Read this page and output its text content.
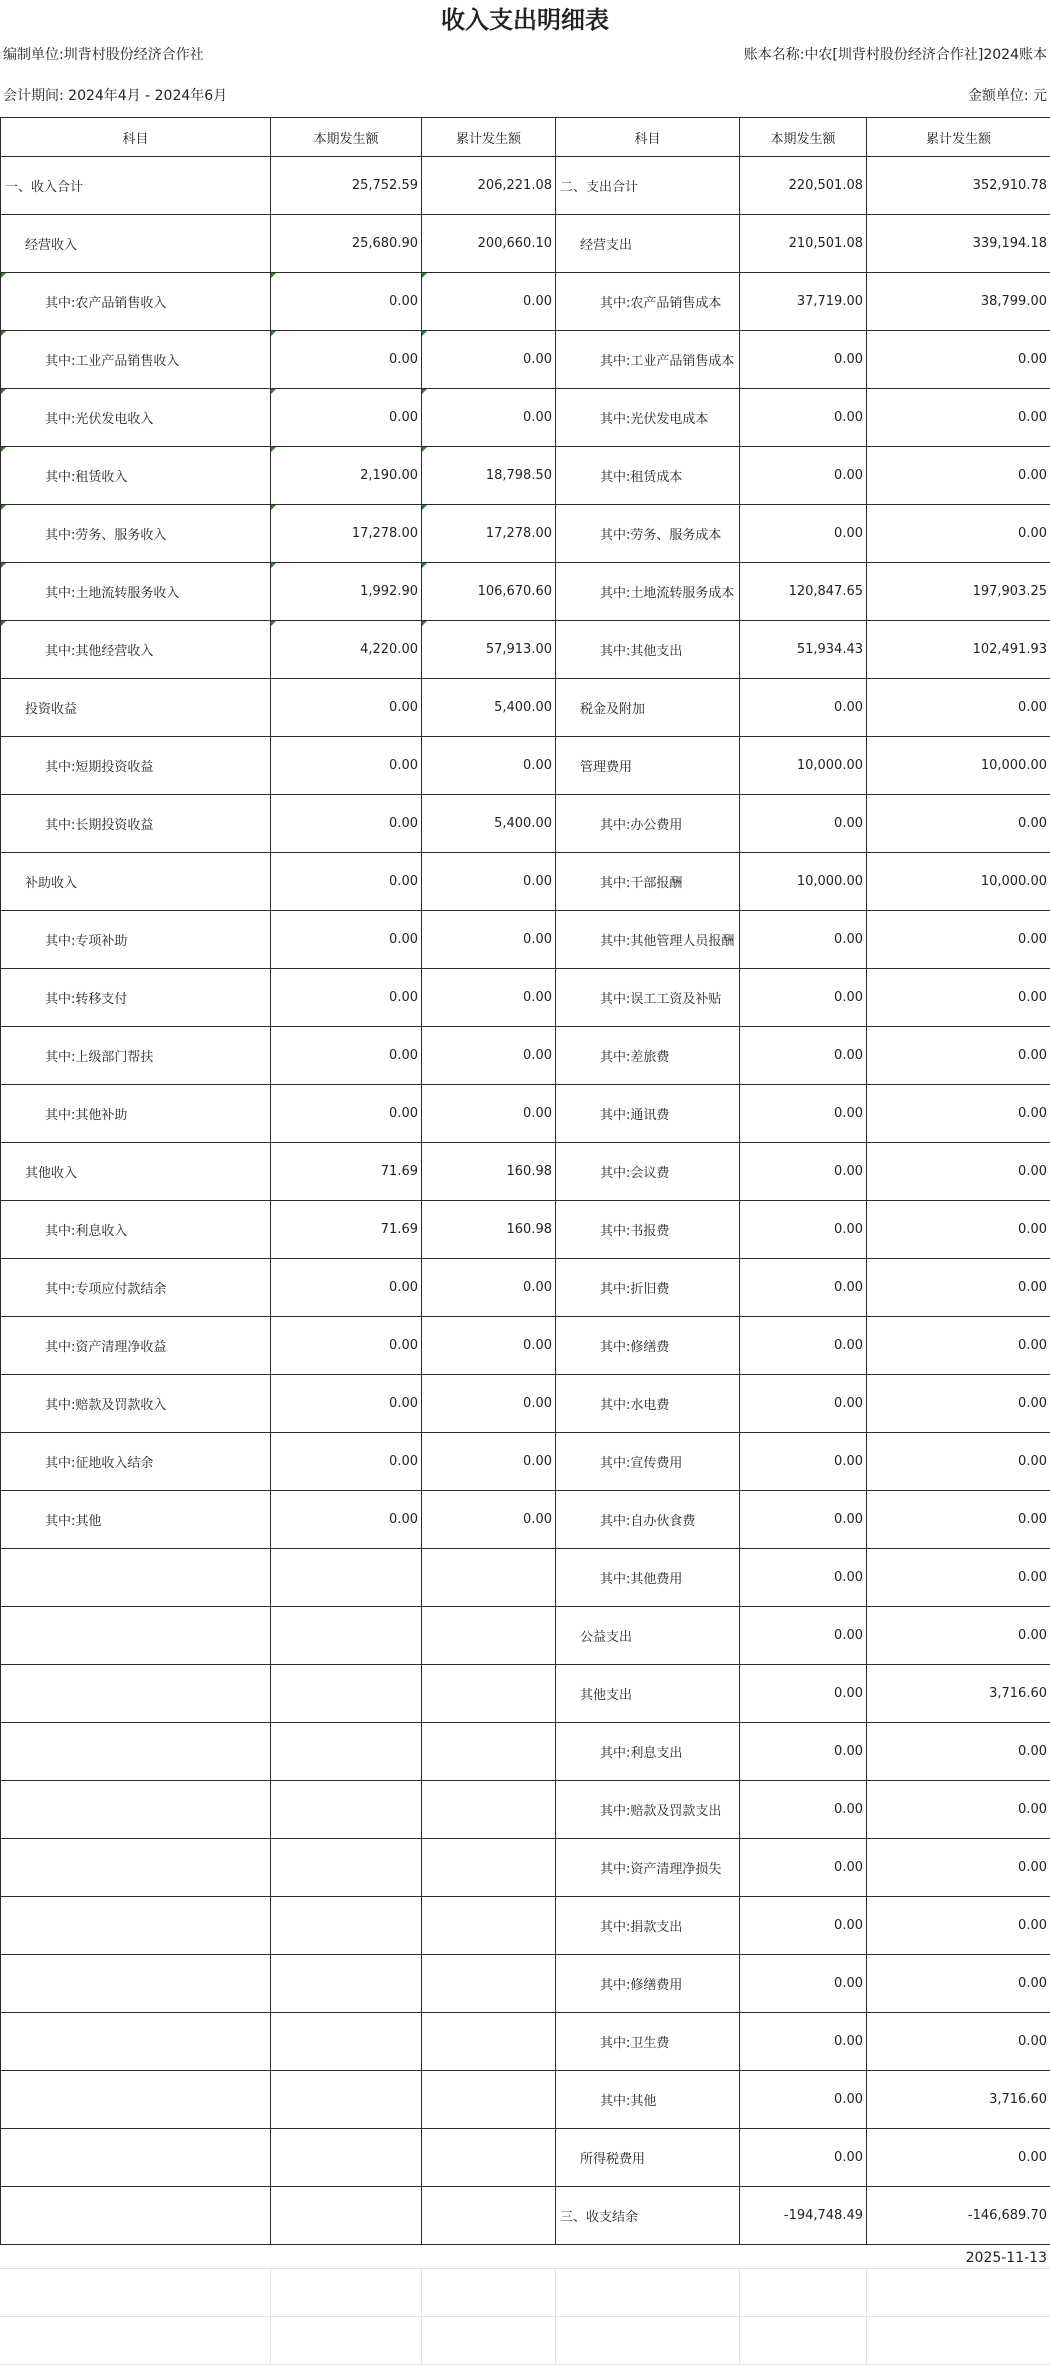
收入支出明细表
编制单位:圳背村股份经济合作社	账本名称:中农[圳背村股份经济合作社]2024账本
会计期间: 2024年4月 - 2024年6月	金额单位: 元
科目	本期发生额	累计发生额	科目	本期发生额	累计发生额
一、收入合计	25,752.59	206,221.08	二、支出合计	220,501.08	352,910.78
经营收入	25,680.90	200,660.10	经营支出	210,501.08	339,194.18

其中:农产品销售收入	0.00	0.00	其中:农产品销售成本	37,719.00	38,799.00

其中:工业产品销售收入	0.00	0.00	其中:工业产品销售成本	0.00	0.00

其中:光伏发电收入	0.00	0.00	其中:光伏发电成本	0.00	0.00

其中:租赁收入	2,190.00	18,798.50	其中:租赁成本	0.00	0.00

其中:劳务、服务收入	17,278.00	17,278.00	其中:劳务、服务成本	0.00	0.00

其中:土地流转服务收入	1,992.90	106,670.60	其中:土地流转服务成本	120,847.65	197,903.25

其中:其他经营收入	4,220.00	57,913.00	其中:其他支出	51,934.43	102,491.93
投资收益	0.00	5,400.00	税金及附加	0.00	0.00
其中:短期投资收益	0.00	0.00	管理费用	10,000.00	10,000.00
其中:长期投资收益	0.00	5,400.00	其中:办公费用	0.00	0.00
补助收入	0.00	0.00	其中:干部报酬	10,000.00	10,000.00
其中:专项补助	0.00	0.00	其中:其他管理人员报酬	0.00	0.00
其中:转移支付	0.00	0.00	其中:误工工资及补贴	0.00	0.00
其中:上级部门帮扶	0.00	0.00	其中:差旅费	0.00	0.00
其中:其他补助	0.00	0.00	其中:通讯费	0.00	0.00
其他收入	71.69	160.98	其中:会议费	0.00	0.00
其中:利息收入	71.69	160.98	其中:书报费	0.00	0.00
其中:专项应付款结余	0.00	0.00	其中:折旧费	0.00	0.00
其中:资产清理净收益	0.00	0.00	其中:修缮费	0.00	0.00
其中:赔款及罚款收入	0.00	0.00	其中:水电费	0.00	0.00
其中:征地收入结余	0.00	0.00	其中:宣传费用	0.00	0.00
其中:其他	0.00	0.00	其中:自办伙食费	0.00	0.00
			其中:其他费用	0.00	0.00
			公益支出	0.00	0.00
			其他支出	0.00	3,716.60
			其中:利息支出	0.00	0.00
			其中:赔款及罚款支出	0.00	0.00
			其中:资产清理净损失	0.00	0.00
			其中:捐款支出	0.00	0.00
			其中:修缮费用	0.00	0.00
			其中:卫生费	0.00	0.00
			其中:其他	0.00	3,716.60
			所得税费用	0.00	0.00
			三、收支结余	-194,748.49	-146,689.70
2025-11-13
